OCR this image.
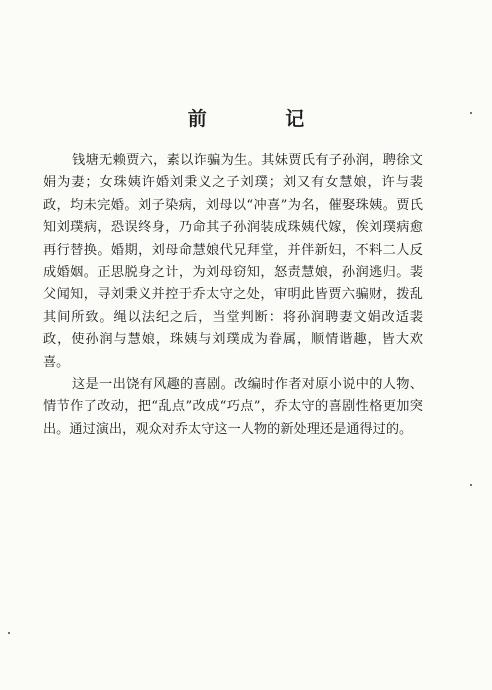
前 记

钱塘无赖贾六，素以诈骗为生。其妹贾氏有子孙润，聘徐文娟为妻；女珠姨许婚刘秉义之子刘璞；刘又有女慧娘，许与裴政，均未完婚。刘子染病，刘母以“冲喜”为名，催娶珠姨。贾氏知刘璞病，恐误终身，乃命其子孙润装成珠姨代嫁，俟刘璞病愈再行替换。婚期，刘母命慧娘代兄拜堂，并伴新妇，不料二人反成婚姻。正思脱身之计，为刘母窃知，怒责慧娘，孙润逃归。裴父闻知，寻刘秉义并控于乔太守之处，审明此皆贾六骗财，拨乱其间所致。绳以法纪之后，当堂判断：将孙润聘妻文娟改适裴政，使孙润与慧娘，珠姨与刘璞成为眷属，顺情谐趣，皆大欢喜。

这是一出饶有风趣的喜剧。改编时作者对原小说中的人物、情节作了改动，把“乱点”改成“巧点”，乔太守的喜剧性格更加突出。通过演出，观众对乔太守这一人物的新处理还是通得过的。
